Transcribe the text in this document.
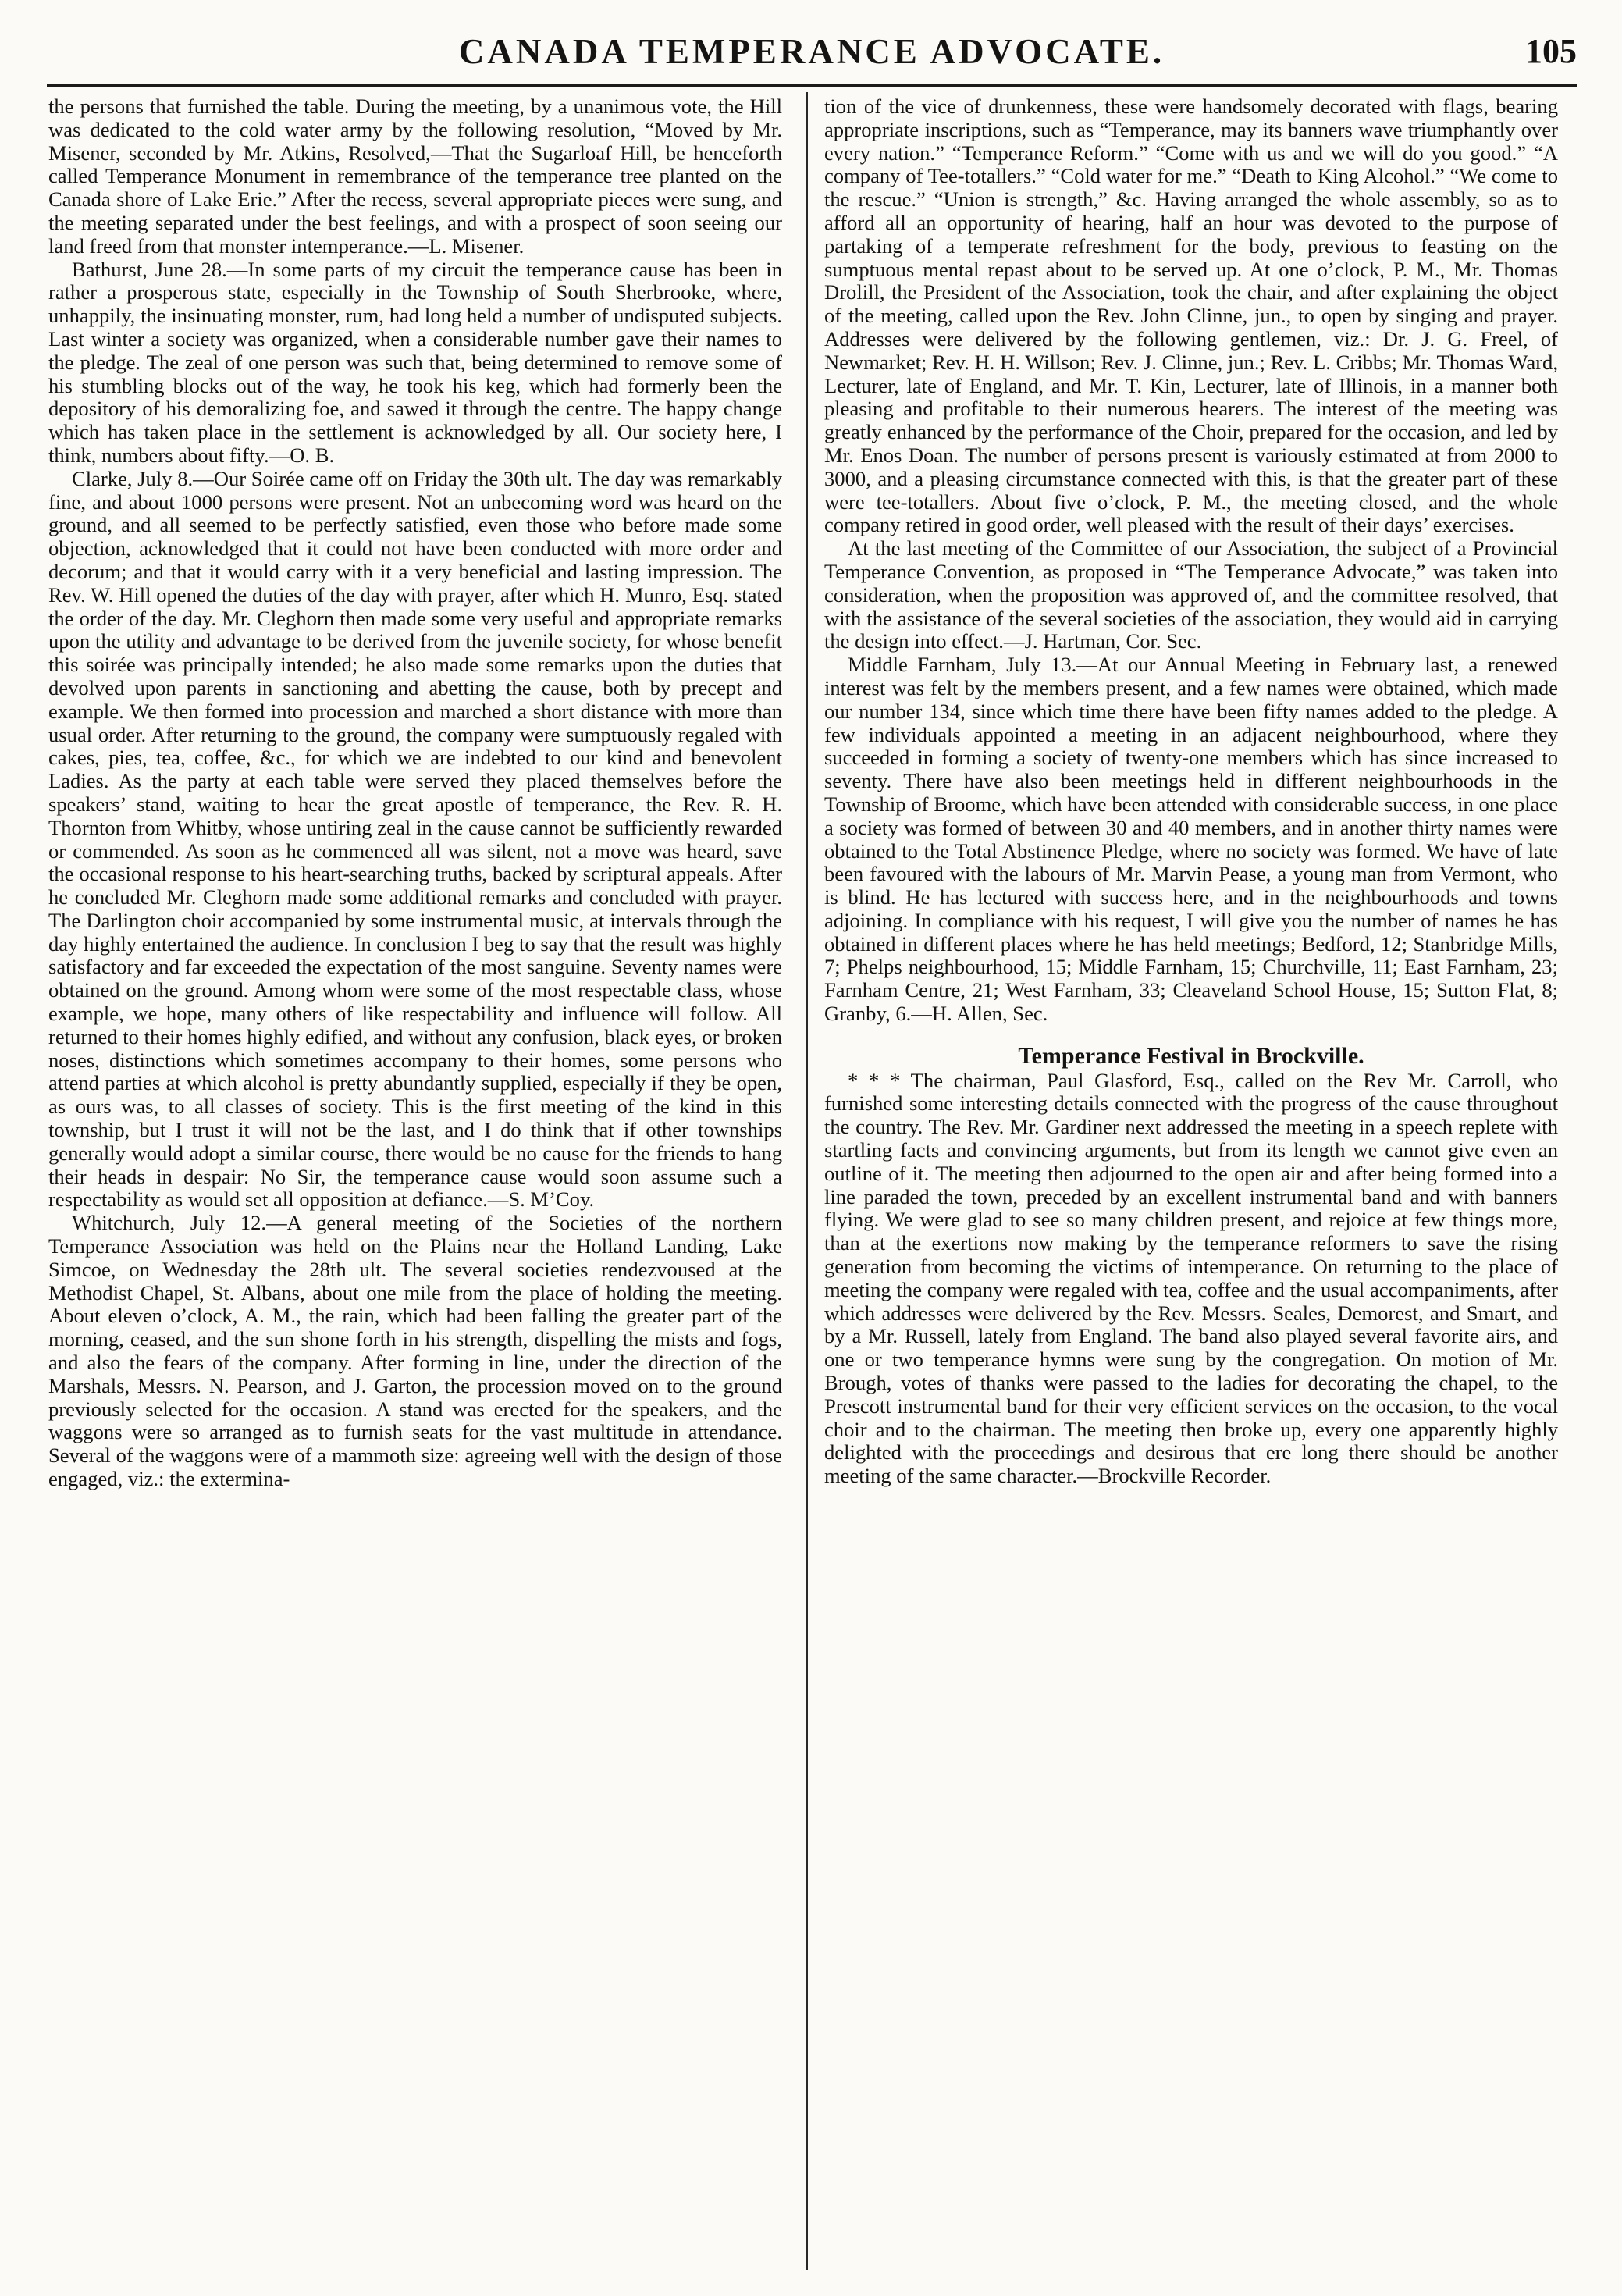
CANADA TEMPERANCE ADVOCATE.	105

the persons that furnished the table. During the meeting, by a unanimous vote, the Hill was dedicated to the cold water army by the following resolution, “Moved by Mr. Misener, seconded by Mr. Atkins, Resolved,—That the Sugarloaf Hill, be henceforth called Temperance Monument in remembrance of the temperance tree planted on the Canada shore of Lake Erie.” After the recess, several appropriate pieces were sung, and the meeting separated under the best feelings, and with a prospect of soon seeing our land freed from that monster intemperance.—L. Misener.

Bathurst, June 28.—In some parts of my circuit the temperance cause has been in rather a prosperous state, especially in the Township of South Sherbrooke, where, unhappily, the insinuating monster, rum, had long held a number of undisputed subjects. Last winter a society was organized, when a considerable number gave their names to the pledge. The zeal of one person was such that, being determined to remove some of his stumbling blocks out of the way, he took his keg, which had formerly been the depository of his demoralizing foe, and sawed it through the centre. The happy change which has taken place in the settlement is acknowledged by all. Our society here, I think, numbers about fifty.—O. B.

Clarke, July 8.—Our Soirée came off on Friday the 30th ult. The day was remarkably fine, and about 1000 persons were present. Not an unbecoming word was heard on the ground, and all seemed to be perfectly satisfied, even those who before made some objection, acknowledged that it could not have been conducted with more order and decorum; and that it would carry with it a very beneficial and lasting impression. The Rev. W. Hill opened the duties of the day with prayer, after which H. Munro, Esq. stated the order of the day. Mr. Cleghorn then made some very useful and appropriate remarks upon the utility and advantage to be derived from the juvenile society, for whose benefit this soirée was principally intended; he also made some remarks upon the duties that devolved upon parents in sanctioning and abetting the cause, both by precept and example. We then formed into procession and marched a short distance with more than usual order. After returning to the ground, the company were sumptuously regaled with cakes, pies, tea, coffee, &c., for which we are indebted to our kind and benevolent Ladies. As the party at each table were served they placed themselves before the speakers’ stand, waiting to hear the great apostle of temperance, the Rev. R. H. Thornton from Whitby, whose untiring zeal in the cause cannot be sufficiently rewarded or commended. As soon as he commenced all was silent, not a move was heard, save the occasional response to his heart-searching truths, backed by scriptural appeals. After he concluded Mr. Cleghorn made some additional remarks and concluded with prayer. The Darlington choir accompanied by some instrumental music, at intervals through the day highly entertained the audience. In conclusion I beg to say that the result was highly satisfactory and far exceeded the expectation of the most sanguine. Seventy names were obtained on the ground. Among whom were some of the most respectable class, whose example, we hope, many others of like respectability and influence will follow. All returned to their homes highly edified, and without any confusion, black eyes, or broken noses, distinctions which sometimes accompany to their homes, some persons who attend parties at which alcohol is pretty abundantly supplied, especially if they be open, as ours was, to all classes of society. This is the first meeting of the kind in this township, but I trust it will not be the last, and I do think that if other townships generally would adopt a similar course, there would be no cause for the friends to hang their heads in despair: No Sir, the temperance cause would soon assume such a respectability as would set all opposition at defiance.—S. M’Coy.

Whitchurch, July 12.—A general meeting of the Societies of the northern Temperance Association was held on the Plains near the Holland Landing, Lake Simcoe, on Wednesday the 28th ult. The several societies rendezvoused at the Methodist Chapel, St. Albans, about one mile from the place of holding the meeting. About eleven o’clock, A. M., the rain, which had been falling the greater part of the morning, ceased, and the sun shone forth in his strength, dispelling the mists and fogs, and also the fears of the company. After forming in line, under the direction of the Marshals, Messrs. N. Pearson, and J. Garton, the procession moved on to the ground previously selected for the occasion. A stand was erected for the speakers, and the waggons were so arranged as to furnish seats for the vast multitude in attendance. Several of the waggons were of a mammoth size: agreeing well with the design of those engaged, viz.: the extermina-

tion of the vice of drunkenness, these were handsomely decorated with flags, bearing appropriate inscriptions, such as “Temperance, may its banners wave triumphantly over every nation.” “Temperance Reform.” “Come with us and we will do you good.” “A company of Tee-totallers.” “Cold water for me.” “Death to King Alcohol.” “We come to the rescue.” “Union is strength,” &c. Having arranged the whole assembly, so as to afford all an opportunity of hearing, half an hour was devoted to the purpose of partaking of a temperate refreshment for the body, previous to feasting on the sumptuous mental repast about to be served up. At one o’clock, P. M., Mr. Thomas Drolill, the President of the Association, took the chair, and after explaining the object of the meeting, called upon the Rev. John Clinne, jun., to open by singing and prayer. Addresses were delivered by the following gentlemen, viz.: Dr. J. G. Freel, of Newmarket; Rev. H. H. Willson; Rev. J. Clinne, jun.; Rev. L. Cribbs; Mr. Thomas Ward, Lecturer, late of England, and Mr. T. Kin, Lecturer, late of Illinois, in a manner both pleasing and profitable to their numerous hearers. The interest of the meeting was greatly enhanced by the performance of the Choir, prepared for the occasion, and led by Mr. Enos Doan. The number of persons present is variously estimated at from 2000 to 3000, and a pleasing circumstance connected with this, is that the greater part of these were tee-totallers. About five o’clock, P. M., the meeting closed, and the whole company retired in good order, well pleased with the result of their days’ exercises.

At the last meeting of the Committee of our Association, the subject of a Provincial Temperance Convention, as proposed in “The Temperance Advocate,” was taken into consideration, when the proposition was approved of, and the committee resolved, that with the assistance of the several societies of the association, they would aid in carrying the design into effect.—J. Hartman, Cor. Sec.

Middle Farnham, July 13.—At our Annual Meeting in February last, a renewed interest was felt by the members present, and a few names were obtained, which made our number 134, since which time there have been fifty names added to the pledge. A few individuals appointed a meeting in an adjacent neighbourhood, where they succeeded in forming a society of twenty-one members which has since increased to seventy. There have also been meetings held in different neighbourhoods in the Township of Broome, which have been attended with considerable success, in one place a society was formed of between 30 and 40 members, and in another thirty names were obtained to the Total Abstinence Pledge, where no society was formed. We have of late been favoured with the labours of Mr. Marvin Pease, a young man from Vermont, who is blind. He has lectured with success here, and in the neighbourhoods and towns adjoining. In compliance with his request, I will give you the number of names he has obtained in different places where he has held meetings; Bedford, 12; Stanbridge Mills, 7; Phelps neighbourhood, 15; Middle Farnham, 15; Churchville, 11; East Farnham, 23; Farnham Centre, 21; West Farnham, 33; Cleaveland School House, 15; Sutton Flat, 8; Granby, 6.—H. Allen, Sec.

Temperance Festival in Brockville.

* * * The chairman, Paul Glasford, Esq., called on the Rev Mr. Carroll, who furnished some interesting details connected with the progress of the cause throughout the country. The Rev. Mr. Gardiner next addressed the meeting in a speech replete with startling facts and convincing arguments, but from its length we cannot give even an outline of it. The meeting then adjourned to the open air and after being formed into a line paraded the town, preceded by an excellent instrumental band and with banners flying. We were glad to see so many children present, and rejoice at few things more, than at the exertions now making by the temperance reformers to save the rising generation from becoming the victims of intemperance. On returning to the place of meeting the company were regaled with tea, coffee and the usual accompaniments, after which addresses were delivered by the Rev. Messrs. Seales, Demorest, and Smart, and by a Mr. Russell, lately from England. The band also played several favorite airs, and one or two temperance hymns were sung by the congregation. On motion of Mr. Brough, votes of thanks were passed to the ladies for decorating the chapel, to the Prescott instrumental band for their very efficient services on the occasion, to the vocal choir and to the chairman. The meeting then broke up, every one apparently highly delighted with the proceedings and desirous that ere long there should be another meeting of the same character.—Brockville Recorder.
